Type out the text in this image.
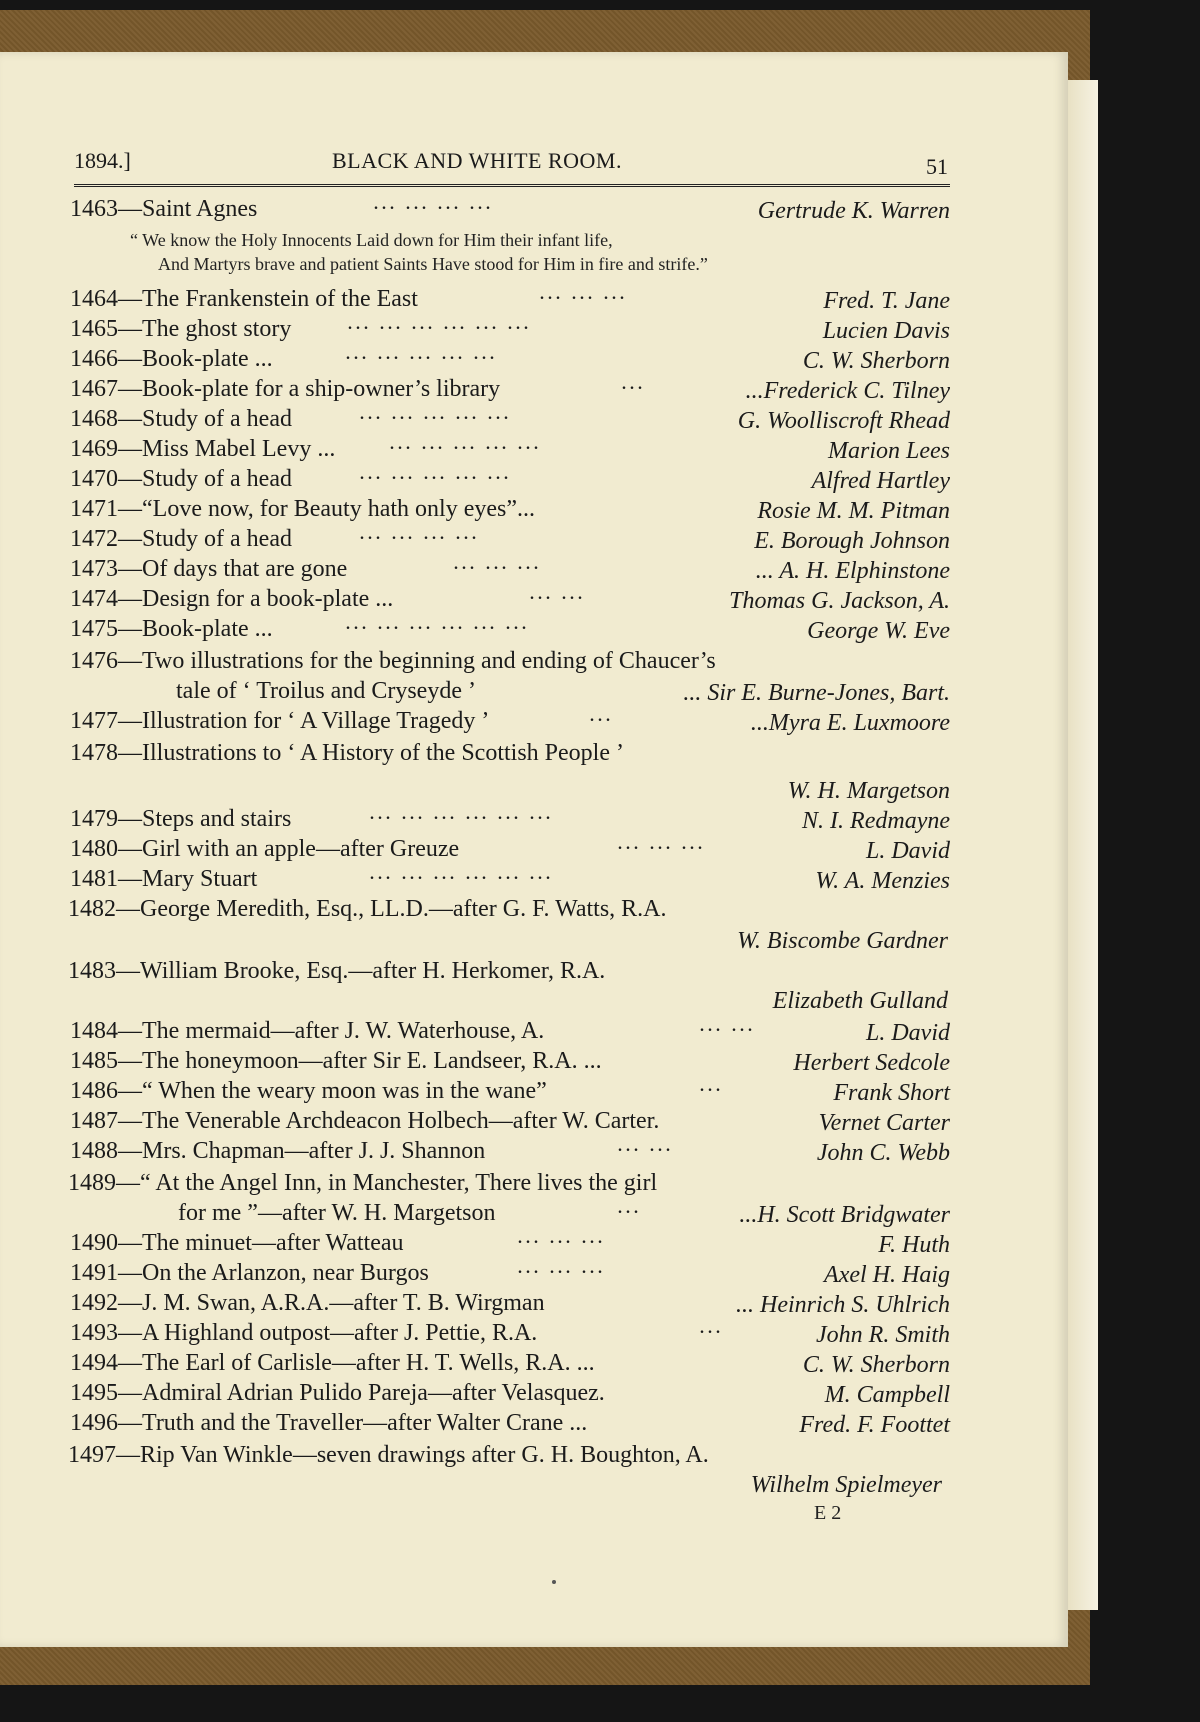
1894.]	BLACK AND WHITE ROOM.	51
1463—Saint Agnes	... ... ... ...	Gertrude K. Warren
“ We know the Holy Innocents Laid down for Him their infant life,
And Martyrs brave and patient Saints Have stood for Him in fire and strife.”
1464—The Frankenstein of the East	... ... ...	Fred. T. Jane
1465—The ghost story	... ... ... ... ... ...	Lucien Davis
1466—Book-plate ...	... ... ... ... ...	C. W. Sherborn
1467—Book-plate for a ship-owner’s library	...	...Frederick C. Tilney
1468—Study of a head	... ... ... ... ...	G. Woolliscroft Rhead
1469—Miss Mabel Levy ...	... ... ... ... ...	Marion Lees
1470—Study of a head	... ... ... ... ...	Alfred Hartley
1471—“Love now, for Beauty hath only eyes”...	Rosie M. M. Pitman
1472—Study of a head	... ... ... ...	E. Borough Johnson
1473—Of days that are gone	... ... ...	... A. H. Elphinstone
1474—Design for a book-plate ...	... ...	Thomas G. Jackson, A.
1475—Book-plate ...	... ... ... ... ... ...	George W. Eve
1476—Two illustrations for the beginning and ending of Chaucer’s
tale of ‘ Troilus and Cryseyde ’	... Sir E. Burne-Jones, Bart.
1477—Illustration for ‘ A Village Tragedy ’	...	...Myra E. Luxmoore
1478—Illustrations to ‘ A History of the Scottish People ’
W. H. Margetson
1479—Steps and stairs	... ... ... ... ... ...	N. I. Redmayne
1480—Girl with an apple—after Greuze	... ... ...	L. David
1481—Mary Stuart	... ... ... ... ... ...	W. A. Menzies
1482—George Meredith, Esq., LL.D.—after G. F. Watts, R.A.
W. Biscombe Gardner
1483—William Brooke, Esq.—after H. Herkomer, R.A.
Elizabeth Gulland
1484—The mermaid—after J. W. Waterhouse, A.	... ...	L. David
1485—The honeymoon—after Sir E. Landseer, R.A. ...	Herbert Sedcole
1486—“ When the weary moon was in the wane”	...	Frank Short
1487—The Venerable Archdeacon Holbech—after W. Carter.	Vernet Carter
1488—Mrs. Chapman—after J. J. Shannon	... ...	John C. Webb
1489—“ At the Angel Inn, in Manchester, There lives the girl
for me ”—after W. H. Margetson	...	...H. Scott Bridgwater
1490—The minuet—after Watteau	... ... ...	F. Huth
1491—On the Arlanzon, near Burgos	... ... ...	Axel H. Haig
1492—J. M. Swan, A.R.A.—after T. B. Wirgman	... Heinrich S. Uhlrich
1493—A Highland outpost—after J. Pettie, R.A.	...	John R. Smith
1494—The Earl of Carlisle—after H. T. Wells, R.A. ...	C. W. Sherborn
1495—Admiral Adrian Pulido Pareja—after Velasquez.	M. Campbell
1496—Truth and the Traveller—after Walter Crane ...	Fred. F. Foottet
1497—Rip Van Winkle—seven drawings after G. H. Boughton, A.
Wilhelm Spielmeyer
E 2
